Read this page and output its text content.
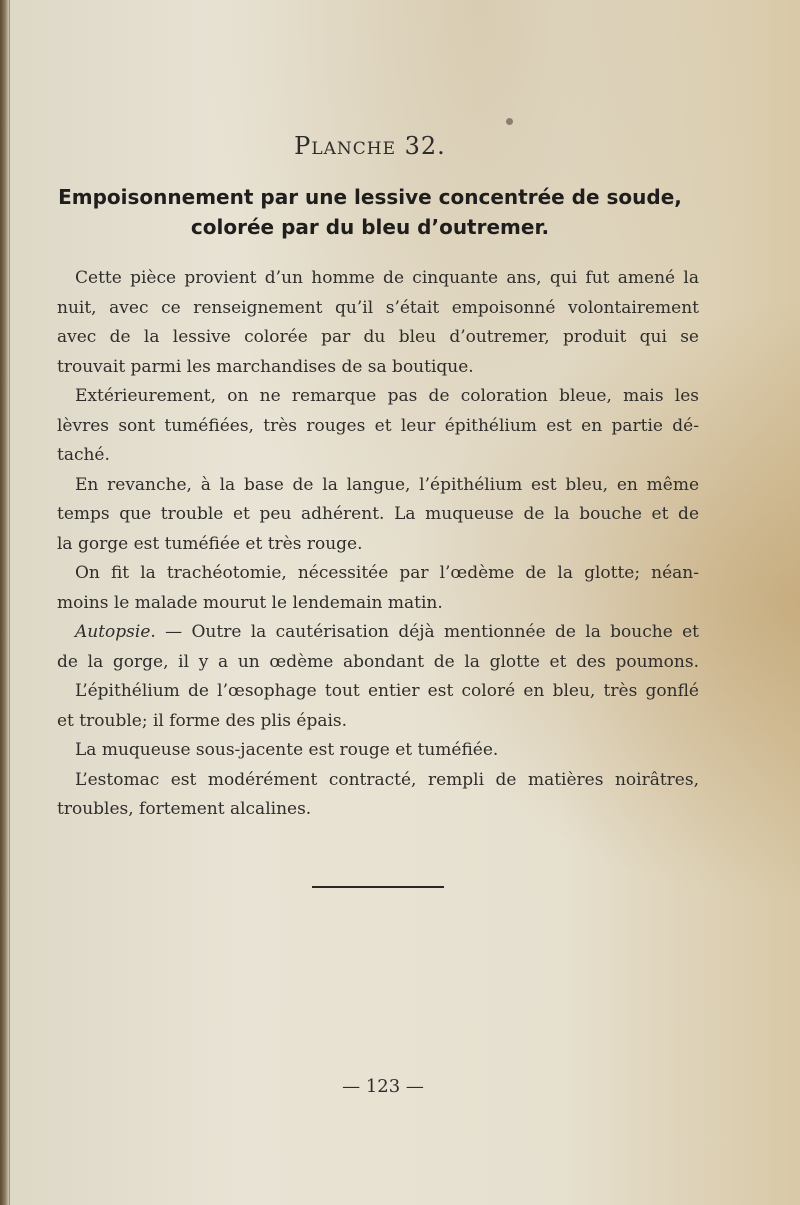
Planche 32.
Empoisonnement par une lessive concentrée de soude,
colorée par du bleu d’outremer.
Cette pièce provient d’un homme de cinquante ans, qui fut amené la
nuit, avec ce renseignement qu’il s’était empoisonné volontairement
avec de la lessive colorée par du bleu d’outremer, produit qui se
trouvait parmi les marchandises de sa boutique.
Extérieurement, on ne remarque pas de coloration bleue, mais les
lèvres sont tuméfiées, très rouges et leur épithélium est en partie dé-
taché.
En revanche, à la base de la langue, l’épithélium est bleu, en même
temps que trouble et peu adhérent. La muqueuse de la bouche et de
la gorge est tuméfiée et très rouge.
On fit la trachéotomie, nécessitée par l’œdème de la glotte; néan-
moins le malade mourut le lendemain matin.
Autopsie. — Outre la cautérisation déjà mentionnée de la bouche et
de la gorge, il y a un œdème abondant de la glotte et des poumons.
L’épithélium de l’œsophage tout entier est coloré en bleu, très gonflé
et trouble; il forme des plis épais.
La muqueuse sous-jacente est rouge et tuméfiée.
L’estomac est modérément contracté, rempli de matières noirâtres,
troubles, fortement alcalines.
— 123 —
